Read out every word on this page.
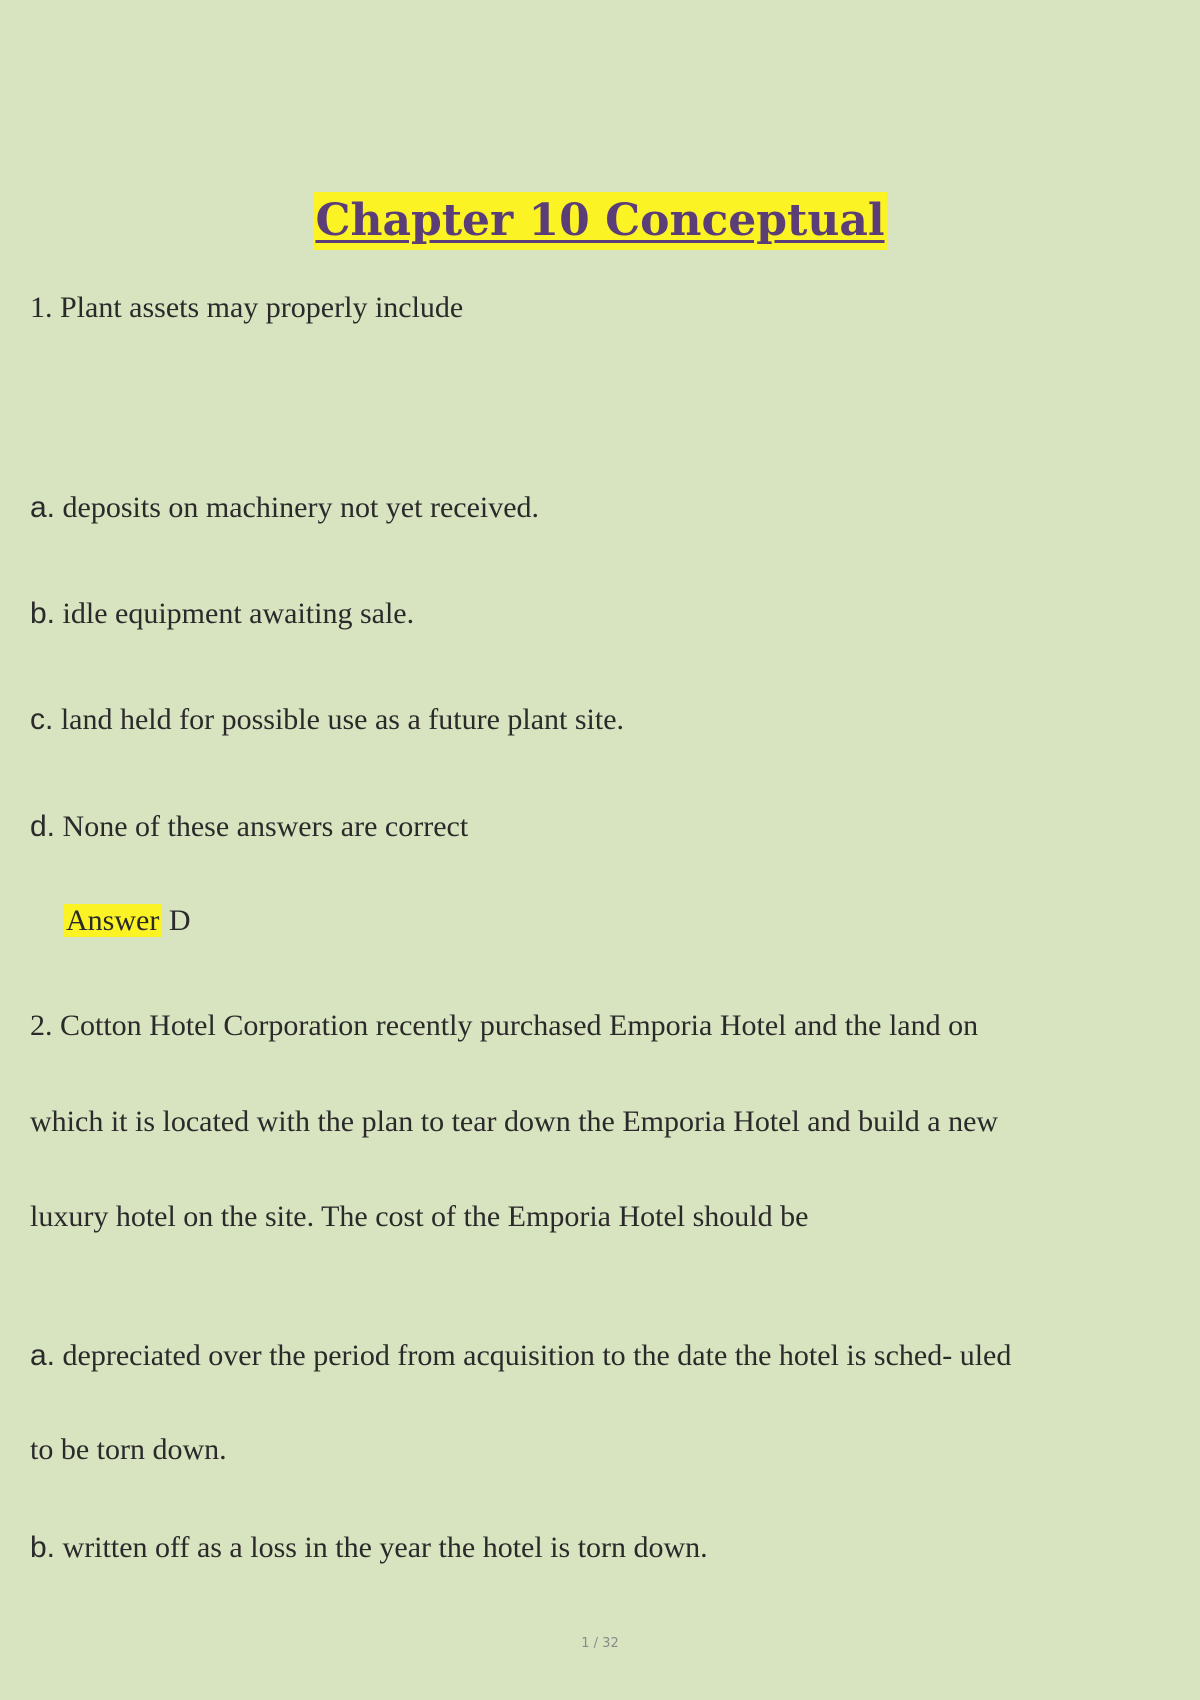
Chapter 10 Conceptual
1. Plant assets may properly include
a. deposits on machinery not yet received.
b. idle equipment awaiting sale.
c. land held for possible use as a future plant site.
d. None of these answers are correct
Answer D
2. Cotton Hotel Corporation recently purchased Emporia Hotel and the land on
which it is located with the plan to tear down the Emporia Hotel and build a new
luxury hotel on the site. The cost of the Emporia Hotel should be
a. depreciated over the period from acquisition to the date the hotel is sched- uled
to be torn down.
b. written off as a loss in the year the hotel is torn down.
1 / 32
